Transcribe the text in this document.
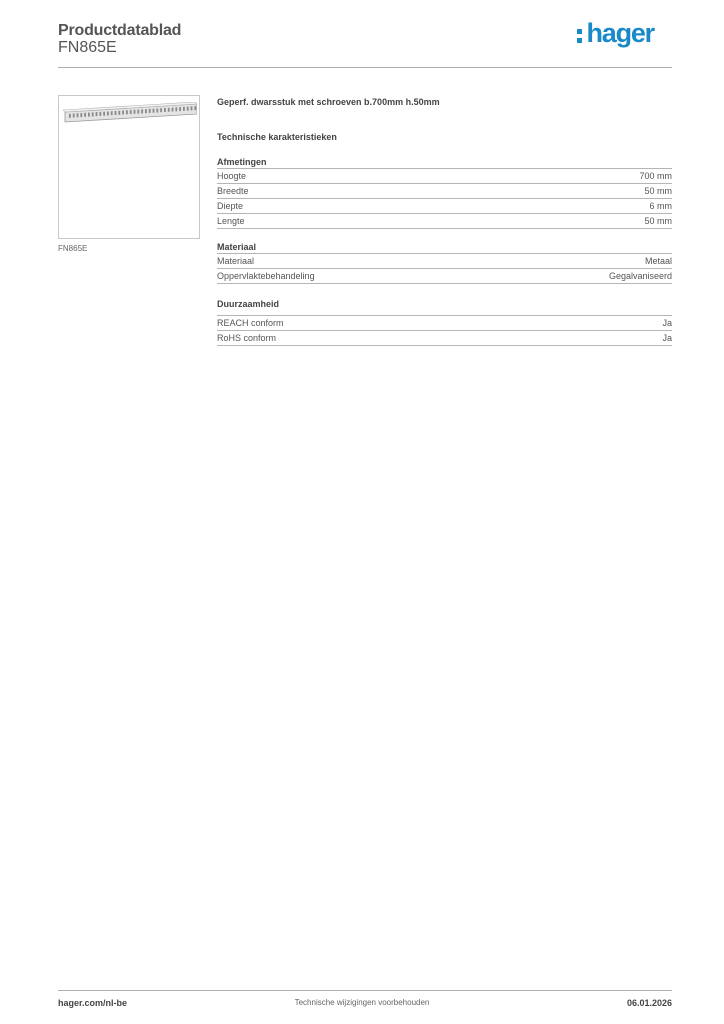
Productdatablad
FN865E	hager
FN865E
Geperf. dwarsstuk met schroeven b.700mm h.50mm
Technische karakteristieken
Afmetingen
Hoogte	700 mm
Breedte	50 mm
Diepte	6 mm
Lengte	50 mm
Materiaal
Materiaal	Metaal
Oppervlaktebehandeling	Gegalvaniseerd
Duurzaamheid
REACH conform	Ja
RoHS conform	Ja
hager.com/nl-be	Technische wijzigingen voorbehouden	06.01.2026
